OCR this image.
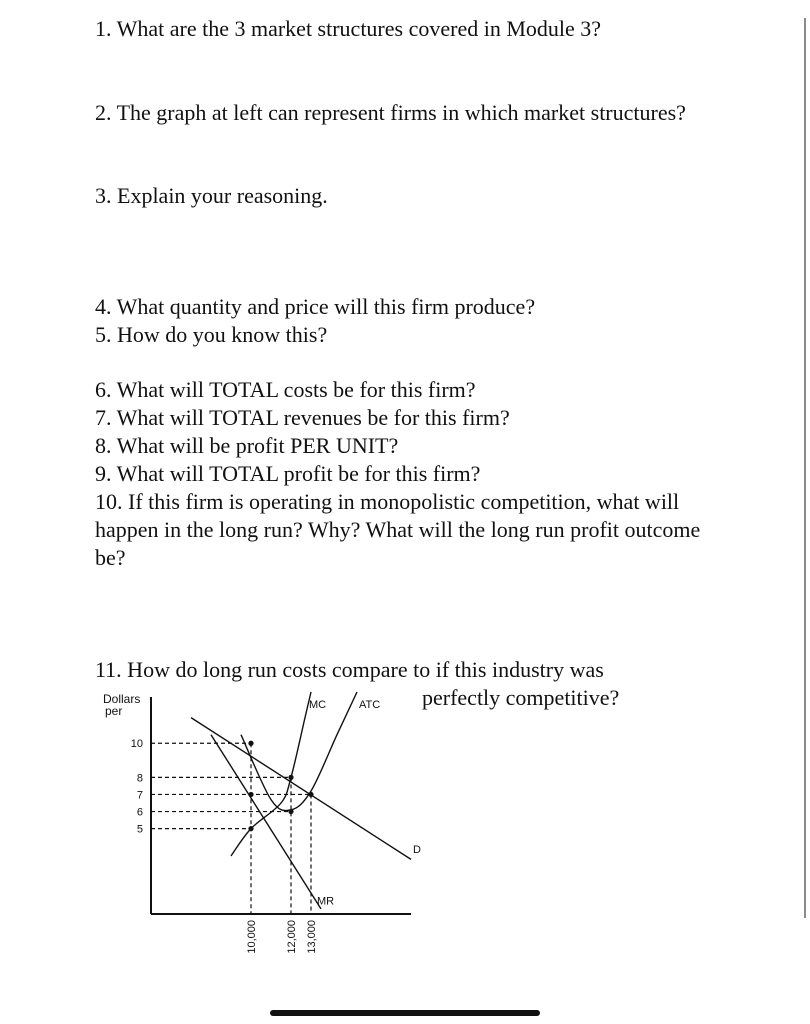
1. What are the 3 market structures covered in Module 3?

2. The graph at left can represent firms in which market structures?

3. Explain your reasoning.

4. What quantity and price will this firm produce?

5. How do you know this?

6. What will TOTAL costs be for this firm?

7. What will TOTAL revenues be for this firm?

8. What will be profit PER UNIT?

9. What will TOTAL profit be for this firm?

10. If this firm is operating in monopolistic competition, what will happen in the long run? Why? What will the long run profit outcome be?

11. How do long run costs compare to if this industry was

perfectly competitive?

Dollars per
10
8
7
6
5
10,000	12,000 13,000
D
MR
MC	ATC
